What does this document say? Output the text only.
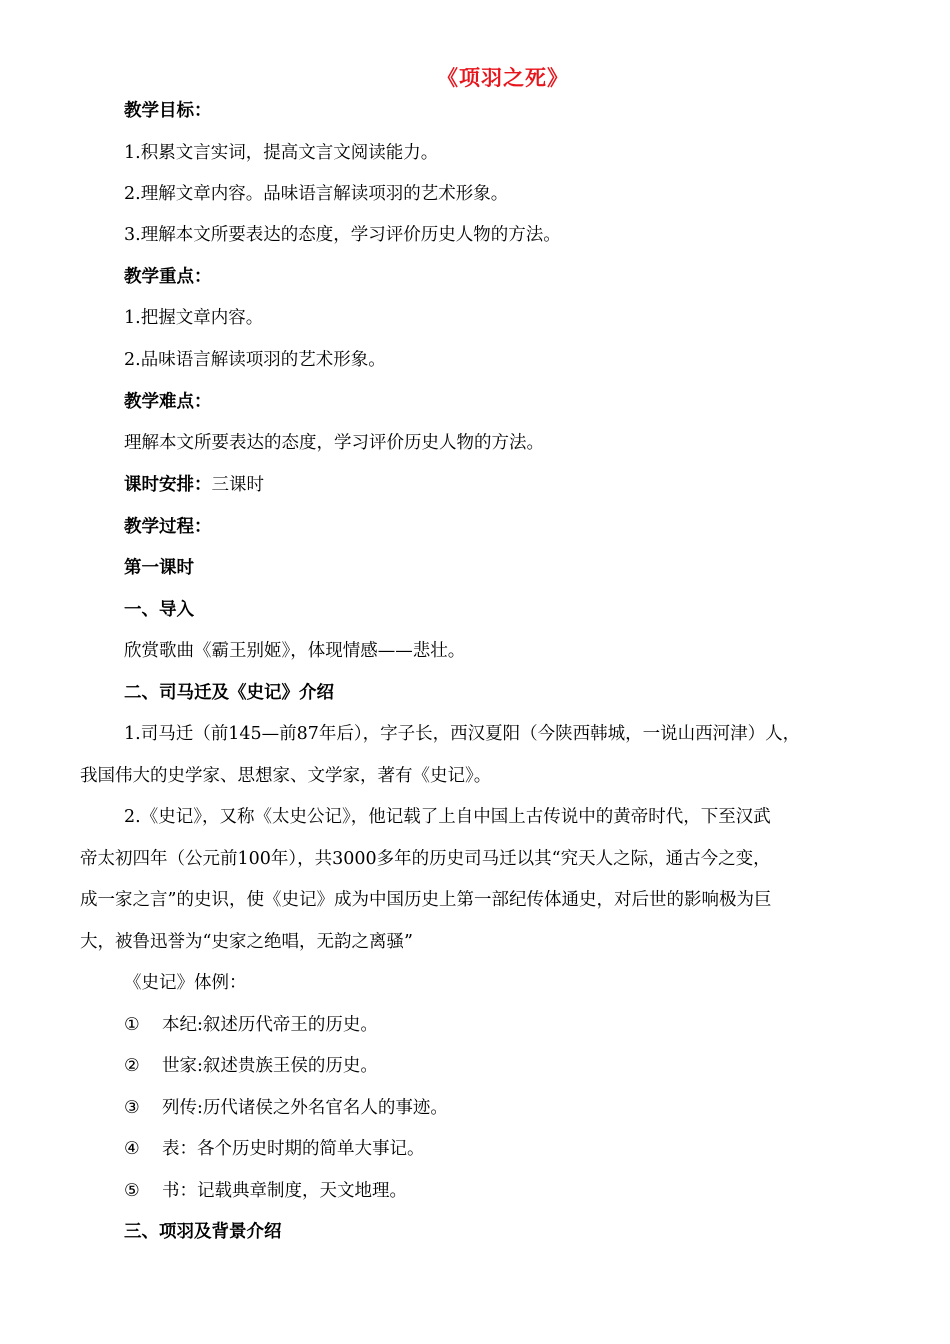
《项羽之死》
教学目标：
1.积累文言实词，提高文言文阅读能力。
2.理解文章内容。品味语言解读项羽的艺术形象。
3.理解本文所要表达的态度，学习评价历史人物的方法。
教学重点：
1.把握文章内容。
2.品味语言解读项羽的艺术形象。
教学难点：
理解本文所要表达的态度，学习评价历史人物的方法。
课时安排：三课时
教学过程：
第一课时
一、导入
欣赏歌曲《霸王别姬》，体现情感——悲壮。
二、司马迁及《史记》介绍
1.司马迁（前145—前87年后），字子长，西汉夏阳（今陕西韩城，一说山西河津）人，
我国伟大的史学家、思想家、文学家，著有《史记》。
2.《史记》，又称《太史公记》，他记载了上自中国上古传说中的黄帝时代，下至汉武
帝太初四年（公元前100年），共3000多年的历史司马迁以其“究天人之际，通古今之变，
成一家之言”的史识，使《史记》成为中国历史上第一部纪传体通史，对后世的影响极为巨
大，被鲁迅誉为“史家之绝唱，无韵之离骚”
《史记》体例：
① 本纪:叙述历代帝王的历史。
② 世家:叙述贵族王侯的历史。
③ 列传:历代诸侯之外名官名人的事迹。
④ 表：各个历史时期的简单大事记。
⑤ 书：记载典章制度，天文地理。
三、项羽及背景介绍
